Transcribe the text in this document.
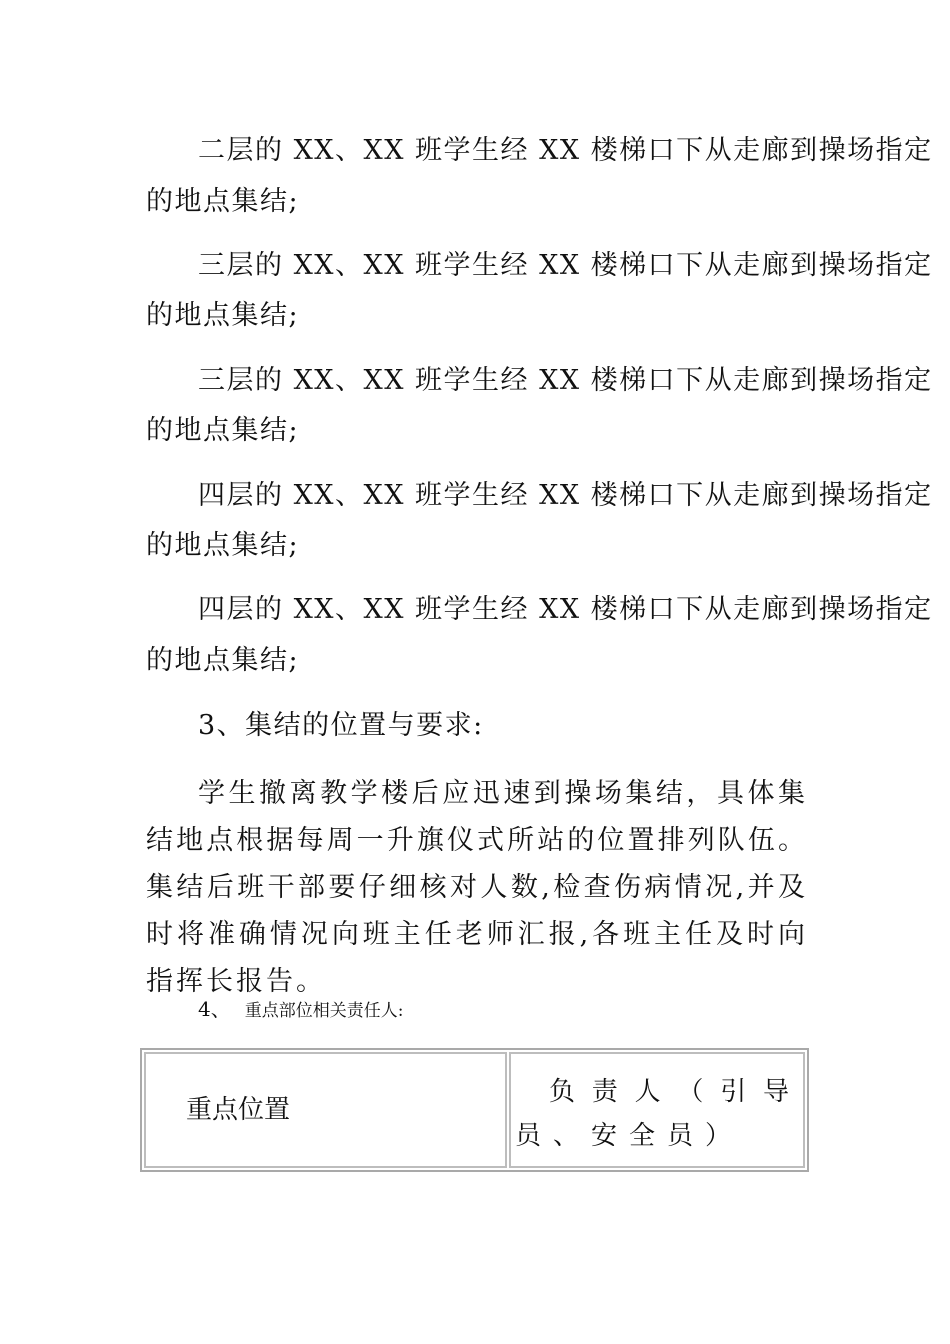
二层的 XX、XX 班学生经 XX 楼梯口下从走廊到操场指定
的地点集结;
三层的 XX、XX 班学生经 XX 楼梯口下从走廊到操场指定
的地点集结;
三层的 XX、XX 班学生经 XX 楼梯口下从走廊到操场指定
的地点集结;
四层的 XX、XX 班学生经 XX 楼梯口下从走廊到操场指定
的地点集结;
四层的 XX、XX 班学生经 XX 楼梯口下从走廊到操场指定
的地点集结;
3、集结的位置与要求:
学生撤离教学楼后应迅速到操场集结，具体集结地点根据每周一升旗仪式所站的位置排列队伍。集结后班干部要仔细核对人数,检查伤病情况,并及时将准确情况向班主任老师汇报,各班主任及时向指挥长报告。
4、 重点部位相关责任人:
重点位置	负责人（引导员、安全员）
